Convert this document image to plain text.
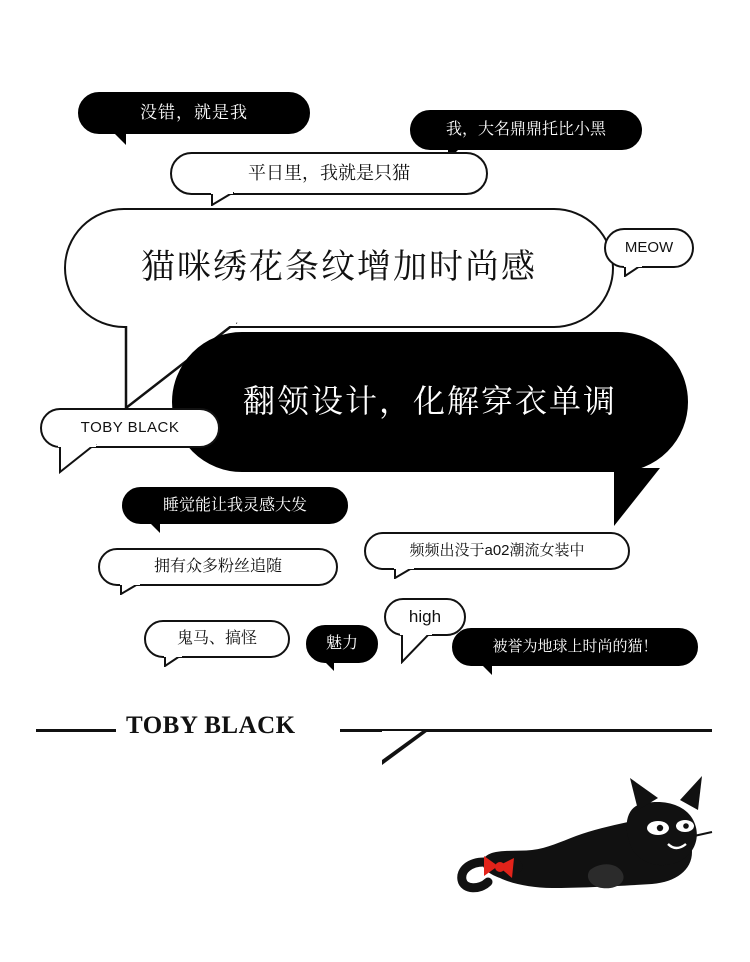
没错，就是我
我，大名鼎鼎托比小黑
平日里，我就是只猫
猫咪绣花条纹增加时尚感
MEOW
翻领设计，化解穿衣单调
TOBY BLACK
睡觉能让我灵感大发
频频出没于a02潮流女装中
拥有众多粉丝追随
鬼马、搞怪	魅力
high
被誉为地球上时尚的猫！
TOBY BLACK
